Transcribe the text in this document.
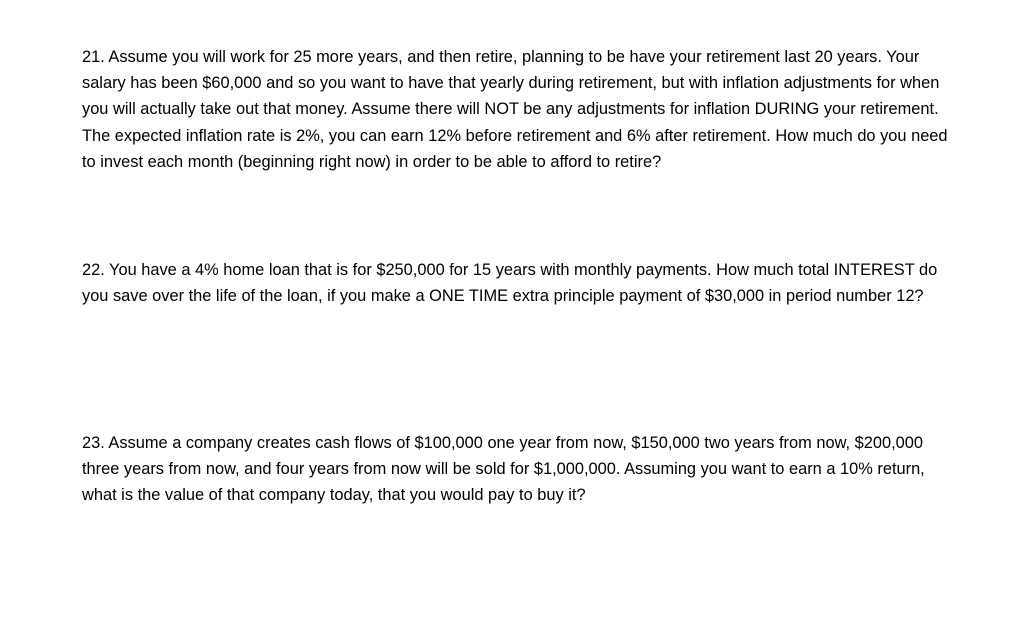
21. Assume you will work for 25 more years, and then retire, planning to be have your retirement last 20 years. Your salary has been $60,000 and so you want to have that yearly during retirement, but with inflation adjustments for when you will actually take out that money. Assume there will NOT be any adjustments for inflation DURING your retirement. The expected inflation rate is 2%, you can earn 12% before retirement and 6% after retirement. How much do you need to invest each month (beginning right now) in order to be able to afford to retire?

22. You have a 4% home loan that is for $250,000 for 15 years with monthly payments. How much total INTEREST do you save over the life of the loan, if you make a ONE TIME extra principle payment of $30,000 in period number 12?

23. Assume a company creates cash flows of $100,000 one year from now, $150,000 two years from now, $200,000 three years from now, and four years from now will be sold for $1,000,000. Assuming you want to earn a 10% return, what is the value of that company today, that you would pay to buy it?
